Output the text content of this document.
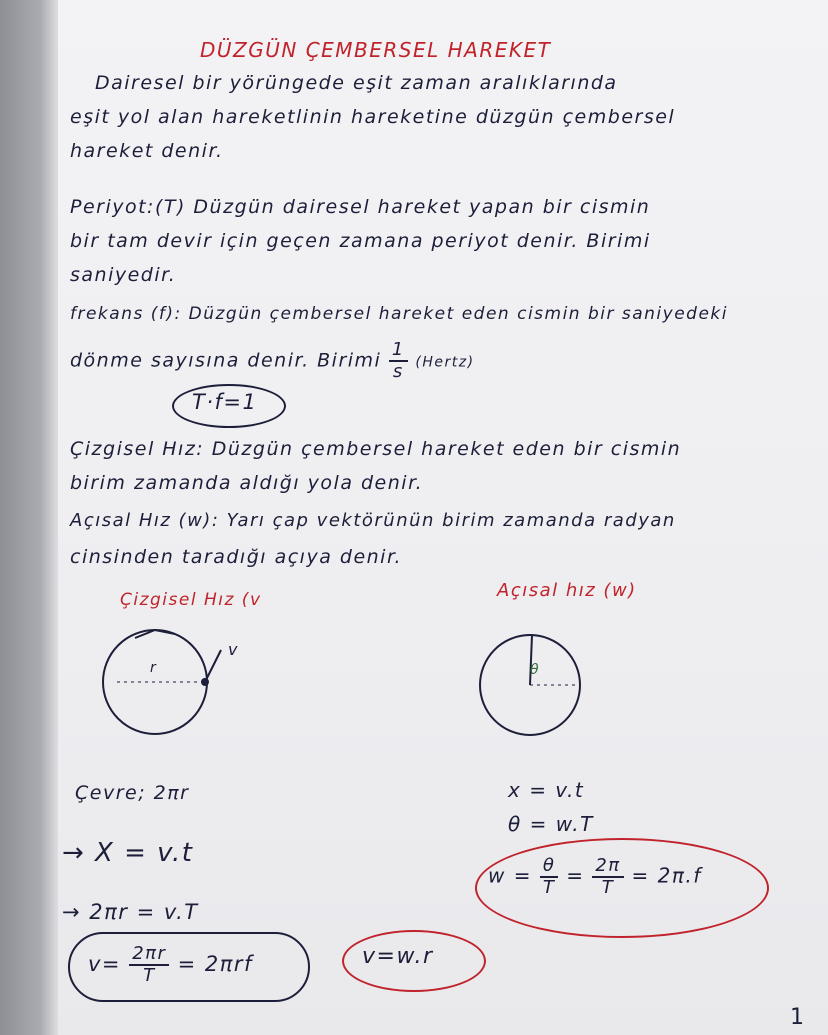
DÜZGÜN ÇEMBERSEL HAREKET
Dairesel bir yörüngede eşit zaman aralıklarında
eşit yol alan hareketlinin hareketine düzgün çembersel
hareket denir.
Periyot:(T) Düzgün dairesel hareket yapan bir cismin
bir tam devir için geçen zamana periyot denir. Birimi
saniyedir.
frekans (f): Düzgün çembersel hareket eden cismin bir saniyedeki
dönme sayısına denir. Birimi $\frac{1}{s}$ (Hertz)
T·f=1
Çizgisel Hız: Düzgün çembersel hareket eden bir cismin
birim zamanda aldığı yola denir.
Açısal Hız (w): Yarı çap vektörünün birim zamanda radyan
cinsinden taradığı açıya denir.
Çizgisel Hız (v
r
v
Açısal hız (w)
θ
Çevre; 2πr
→ X = v.t
→ 2πr = v.T
$v= \frac{2\pi r}{T} = 2\pi rf$	v=w.r
x = v.t
θ = w.T
$w = \frac{\theta}{T} = \frac{2\pi}{T} = 2\pi.f$
1
